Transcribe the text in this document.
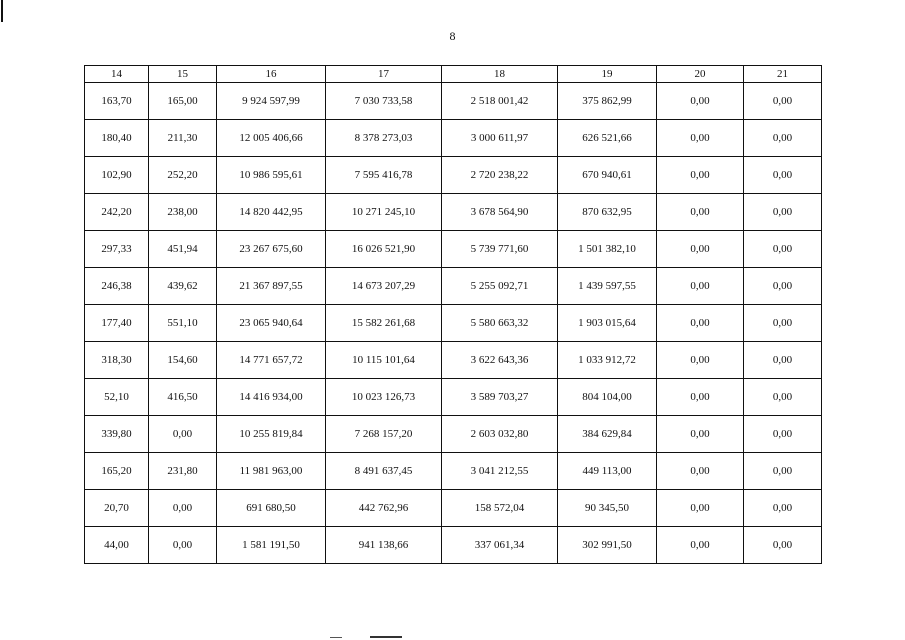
8
14	15	16	17	18	19	20	21
163,70	165,00	9 924 597,99	7 030 733,58	2 518 001,42	375 862,99	0,00	0,00
180,40	211,30	12 005 406,66	8 378 273,03	3 000 611,97	626 521,66	0,00	0,00
102,90	252,20	10 986 595,61	7 595 416,78	2 720 238,22	670 940,61	0,00	0,00
242,20	238,00	14 820 442,95	10 271 245,10	3 678 564,90	870 632,95	0,00	0,00
297,33	451,94	23 267 675,60	16 026 521,90	5 739 771,60	1 501 382,10	0,00	0,00
246,38	439,62	21 367 897,55	14 673 207,29	5 255 092,71	1 439 597,55	0,00	0,00
177,40	551,10	23 065 940,64	15 582 261,68	5 580 663,32	1 903 015,64	0,00	0,00
318,30	154,60	14 771 657,72	10 115 101,64	3 622 643,36	1 033 912,72	0,00	0,00
52,10	416,50	14 416 934,00	10 023 126,73	3 589 703,27	804 104,00	0,00	0,00
339,80	0,00	10 255 819,84	7 268 157,20	2 603 032,80	384 629,84	0,00	0,00
165,20	231,80	11 981 963,00	8 491 637,45	3 041 212,55	449 113,00	0,00	0,00
20,70	0,00	691 680,50	442 762,96	158 572,04	90 345,50	0,00	0,00
44,00	0,00	1 581 191,50	941 138,66	337 061,34	302 991,50	0,00	0,00
